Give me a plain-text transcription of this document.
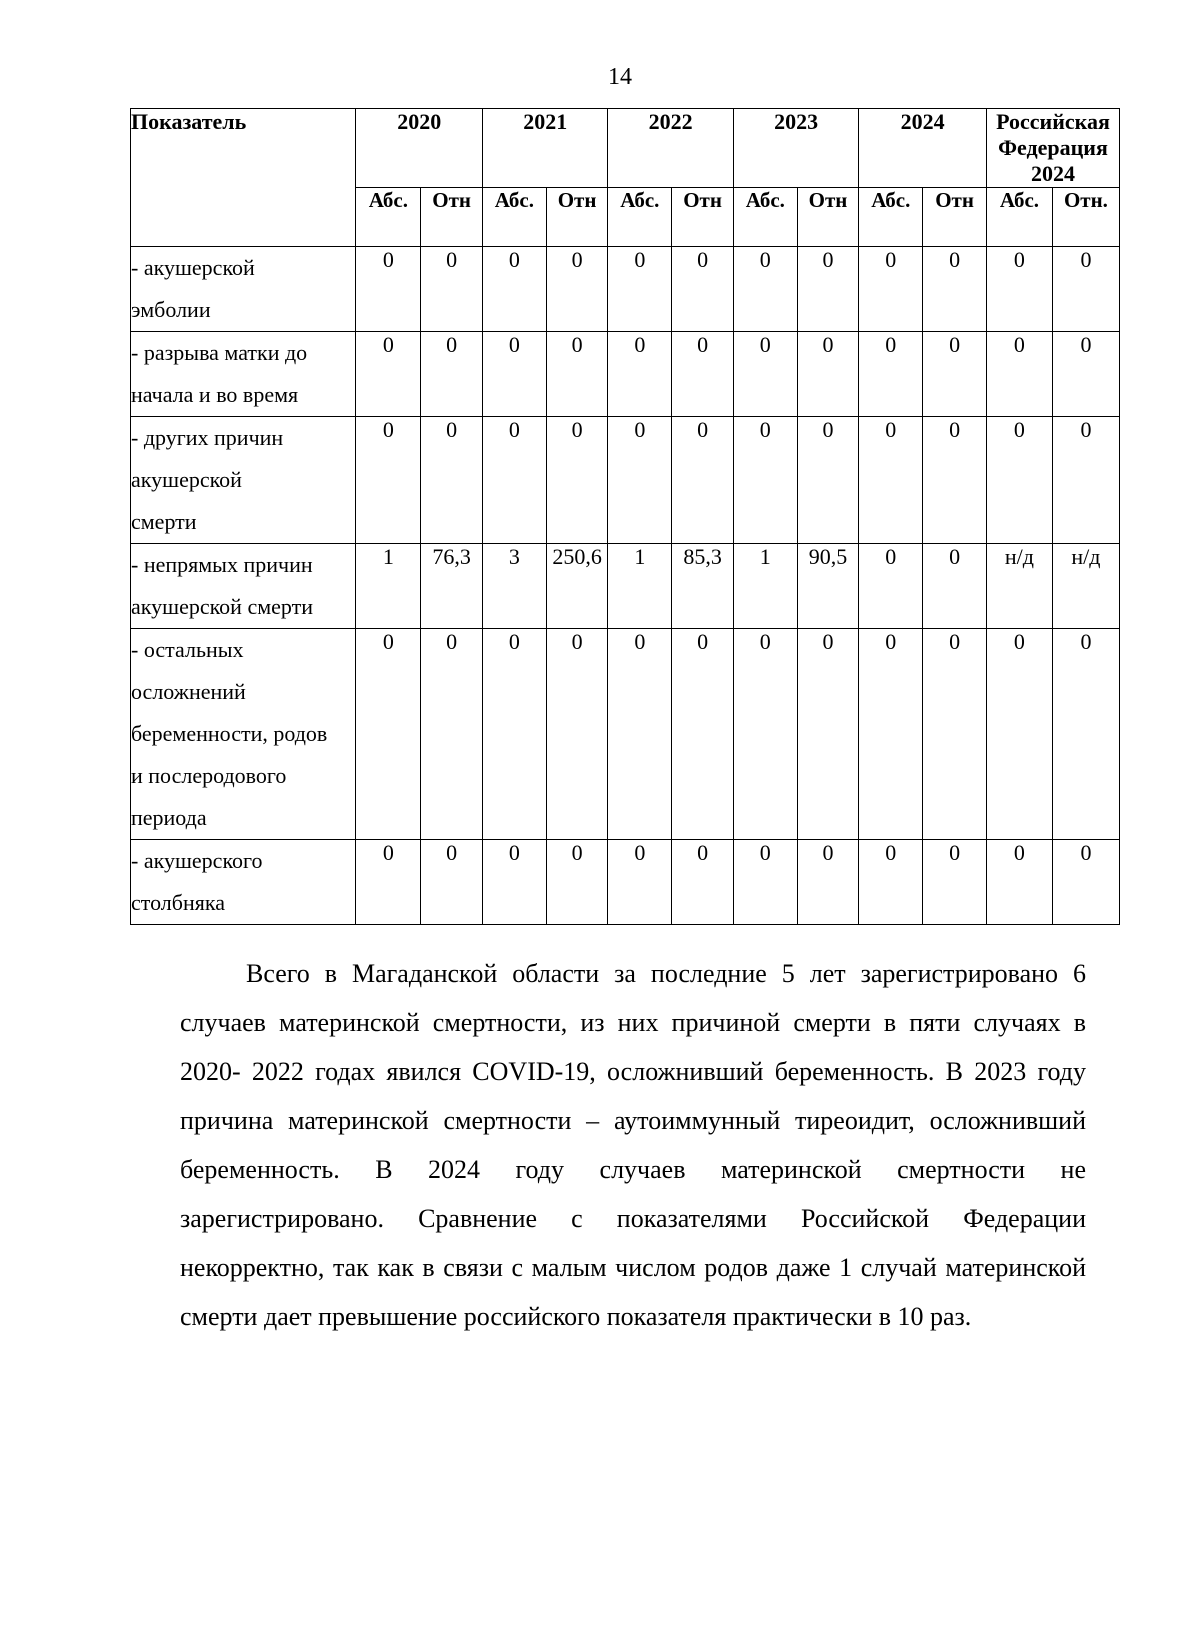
14
Показатель	2020		2021		2022		2023		2024		Российская
Федерация
2024	

	Абс.	Отн	Абс.	Отн	Абс.	Отн	Абс.	Отн	Абс.	Отн	Абс.	Отн.

- акушерской
эмболии	0	0	0	0	0	0	0	0	0	0	0	0

- разрыва матки до
начала и во время	0	0	0	0	0	0	0	0	0	0	0	0

- других причин
акушерской
смерти	0	0	0	0	0	0	0	0	0	0	0	0

- непрямых причин
акушерской смерти	1	76,3	3	250,6	1	85,3	1	90,5	0	0	н/д	н/д

- остальных
осложнений
беременности, родов
и послеродового
периода	0	0	0	0	0	0	0	0	0	0	0	0

- акушерского
столбняка	0	0	0	0	0	0	0	0	0	0	0	0

Всего в Магаданской области за последние 5 лет зарегистрировано 6 случаев материнской смертности, из них причиной смерти в пяти случаях в 2020- 2022 годах явился COVID-19, осложнивший беременность. В 2023 году причина материнской смертности – аутоиммунный тиреоидит, осложнивший беременность. В 2024 году случаев материнской смертности не зарегистрировано. Сравнение с показателями Российской Федерации некорректно, так как в связи с малым числом родов даже 1 случай материнской смерти дает превышение российского показателя практически в 10 раз.
